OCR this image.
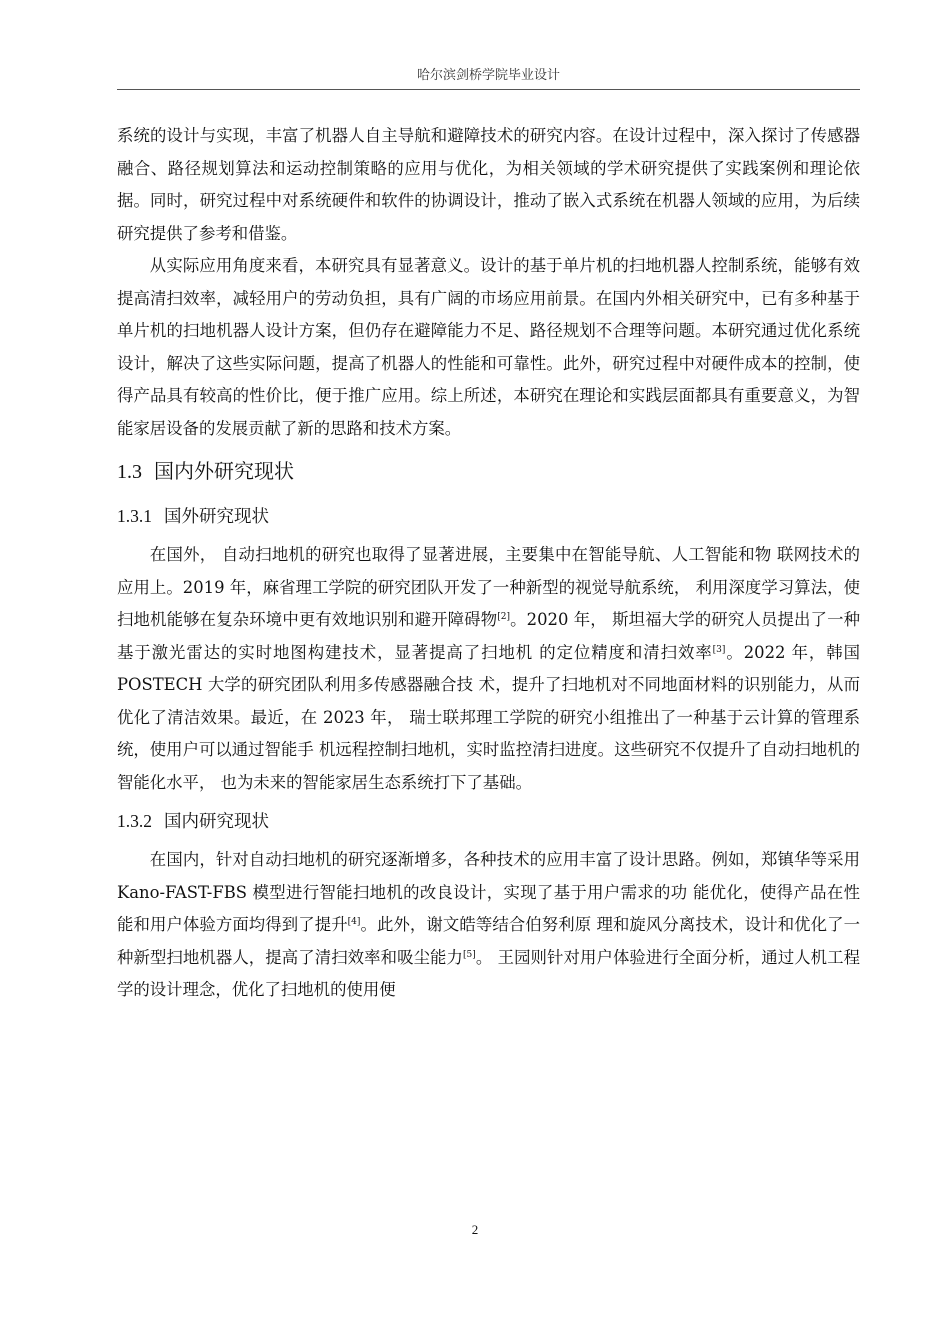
哈尔滨剑桥学院毕业设计

系统的设计与实现，丰富了机器人自主导航和避障技术的研究内容。在设计过程中，深入探讨了传感器融合、路径规划算法和运动控制策略的应用与优化，为相关领域的学术研究提供了实践案例和理论依据。同时，研究过程中对系统硬件和软件的协调设计，推动了嵌入式系统在机器人领域的应用，为后续研究提供了参考和借鉴。

从实际应用角度来看，本研究具有显著意义。设计的基于单片机的扫地机器人控制系统，能够有效提高清扫效率，减轻用户的劳动负担，具有广阔的市场应用前景。在国内外相关研究中，已有多种基于单片机的扫地机器人设计方案，但仍存在避障能力不足、路径规划不合理等问题。本研究通过优化系统设计，解决了这些实际问题，提高了机器人的性能和可靠性。此外，研究过程中对硬件成本的控制，使得产品具有较高的性价比，便于推广应用。综上所述，本研究在理论和实践层面都具有重要意义，为智能家居设备的发展贡献了新的思路和技术方案。

1.3 国内外研究现状
1.3.1 国外研究现状

在国外， 自动扫地机的研究也取得了显著进展，主要集中在智能导航、人工智能和物 联网技术的应用上。2019 年，麻省理工学院的研究团队开发了一种新型的视觉导航系统， 利用深度学习算法，使扫地机能够在复杂环境中更有效地识别和避开障碍物[2]。2020 年， 斯坦福大学的研究人员提出了一种基于激光雷达的实时地图构建技术，显著提高了扫地机 的定位精度和清扫效率[3]。2022 年，韩国 POSTECH 大学的研究团队利用多传感器融合技 术，提升了扫地机对不同地面材料的识别能力，从而优化了清洁效果。最近，在 2023 年， 瑞士联邦理工学院的研究小组推出了一种基于云计算的管理系统，使用户可以通过智能手 机远程控制扫地机，实时监控清扫进度。这些研究不仅提升了自动扫地机的智能化水平， 也为未来的智能家居生态系统打下了基础。

1.3.2 国内研究现状

在国内，针对自动扫地机的研究逐渐增多，各种技术的应用丰富了设计思路。例如，郑镇华等采用 Kano-FAST-FBS 模型进行智能扫地机的改良设计，实现了基于用户需求的功 能优化，使得产品在性能和用户体验方面均得到了提升[4]。此外，谢文皓等结合伯努利原 理和旋风分离技术，设计和优化了一种新型扫地机器人，提高了清扫效率和吸尘能力[5]。 王园则针对用户体验进行全面分析，通过人机工程学的设计理念，优化了扫地机的使用便

2
